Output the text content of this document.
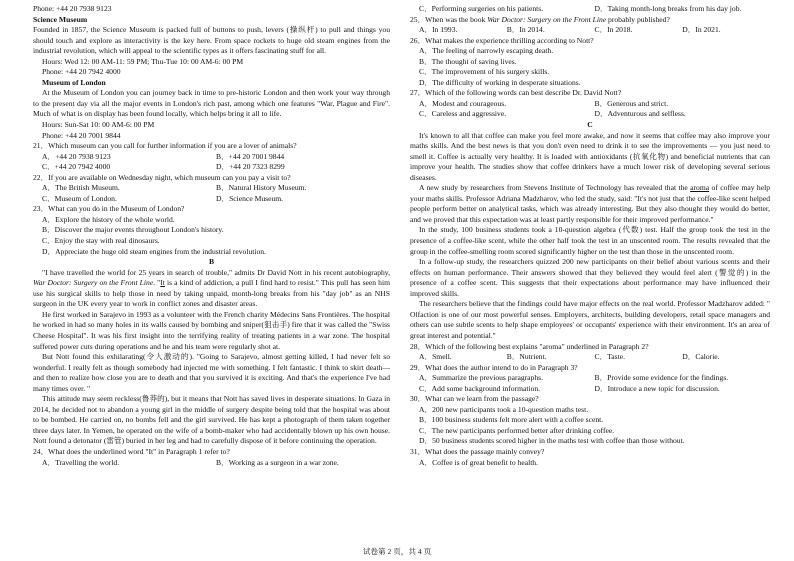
Phone: +44 20 7938 9123

Science Museum

Founded in 1857, the Science Museum is packed full of buttons to push, levers (操纵杆) to pull and things you should touch and explore as interactivity is the key here. From space rockets to huge old steam engines from the industrial revolution, which will appeal to the scientific types as it offers fascinating stuff for all.

Hours: Wed 12: 00 AM-11: 59 PM; Thu-Tue 10: 00 AM-6: 00 PM

Phone: +44 20 7942 4000

Museum of London

At the Museum of London you can journey back in time to pre-historic London and then work your way through to the present day via all the major events in London's rich past, among which one features "War, Plague and Fire". Much of what is on display has been found locally, which helps bring it all to life.

Hours: Sun-Sat 10: 00 AM-6: 00 PM

Phone: +44 20 7001 9844

21．Which museum can you call for further information if you are a lover of animals?

A．+44 20 7938 9123	B．+44 20 7001 9844
C．+44 20 7942 4000	D．+44 20 7323 8299

22．If you are available on Wednesday night, which museum can you pay a visit to?

A．The British Museum.	B．Natural History Museum.
C．Museum of London.	D．Science Museum.

23．What can you do in the Museum of London?

A．Explore the history of the whole world.

B．Discover the major events throughout London's history.

C．Enjoy the stay with real dinosaurs.

D．Appreciate the huge old steam engines from the industrial revolution.

B

"I have travelled the world for 25 years in search of trouble," admits Dr David Nott in his recent autobiography, War Doctor: Surgery on the Front Line. "It is a kind of addiction, a pull I find hard to resist." This pull has seen him use his surgical skills to help those in need by taking unpaid, month-long breaks from his "day job" as an NHS surgeon in the UK every year to work in conflict zones and disaster areas.

He first worked in Sarajevo in 1993 as a volunteer with the French charity Médecins Sans Frontières. The hospital he worked in had so many holes in its walls caused by bombing and sniper(狙击手) fire that it was called the "Swiss Cheese Hospital". It was his first insight into the terrifying reality of treating patients in a war zone. The hospital suffered power cuts during operations and he and his team were regularly shot at.

But Nott found this exhilarating(令人激动的). "Going to Sarajevo, almost getting killed, I had never felt so wonderful. I really felt as though somebody had injected me with something. I felt fantastic. I think to skirt death—and then to realize how close you are to death and that you survived it is exciting. And that's the experience I've had many times over. "

This attitude may seem reckless(鲁莽的), but it means that Nott has saved lives in desperate situations. In Gaza in 2014, he decided not to abandon a young girl in the middle of surgery despite being told that the hospital was about to be bombed. He carried on, no bombs fell and the girl survived. He has kept a photograph of them taken together three days later. In Yemen, he operated on the wife of a bomb-maker who had accidentally blown up his own house. Nott found a detonator (雷管) buried in her leg and had to carefully dispose of it before continuing the operation.

24．What does the underlined word "It" in Paragraph 1 refer to?

A．Travelling the world.	B．Working as a surgeon in a war zone.
C．Performing surgeries on his patients.	D．Taking month-long breaks from his day job.

25．When was the book War Doctor: Surgery on the Front Line probably published?

A．In 1993.	B．In 2014.	C．In 2018.	D．In 2021.

26．What makes the experience thrilling according to Nott?

A．The feeling of narrowly escaping death.

B．The thought of saving lives.

C．The improvement of his surgery skills.

D．The difficulty of working in desperate situations.

27．Which of the following words can best describe Dr. David Nott?

A．Modest and courageous.	B．Generous and strict.
C．Careless and aggressive.	D．Adventurous and selfless.

C

It's known to all that coffee can make you feel more awake, and now it seems that coffee may also improve your maths skills. And the best news is that you don't even need to drink it to see the improvements — you just need to smell it. Coffee is actually very healthy. It is loaded with antioxidants (抗氧化物) and beneficial nutrients that can improve your health. The studies show that coffee drinkers have a much lower risk of developing several serious diseases.

A new study by researchers from Stevens Institute of Technology has revealed that the aroma of coffee may help your maths skills. Professor Adriana Madzharov, who led the study, said: "It's not just that the coffee-like scent helped people perform better on analytical tasks, which was already interesting. But they also thought they would do better, and we proved that this expectation was at least partly responsible for their improved performance."

In the study, 100 business students took a 10-question algebra (代数) test. Half the group took the test in the presence of a coffee-like scent, while the other half took the test in an unscented room. The results revealed that the group in the coffee-smelling room scored significantly higher on the test than those in the unscented room.

In a follow-up study, the researchers quizzed 200 new participants on their belief about various scents and their effects on human performance. Their answers showed that they believed they would feel alert (警觉的) in the presence of a coffee scent. This suggests that their expectations about performance may have influenced their improved skills.

The researchers believe that the findings could have major effects on the real world. Professor Madzharov added: " Olfaction is one of our most powerful senses. Employers, architects, building developers, retail space managers and others can use subtle scents to help shape employees' or occupants' experience with their environment. It's an area of great interest and potential."

28．Which of the following best explains "aroma" underlined in Paragraph 2?

A．Smell.	B．Nutrient.	C．Taste.	D．Calorie.

29．What does the author intend to do in Paragraph 3?

A．Summarize the previous paragraphs.	B．Provide some evidence for the findings.
C．Add some background information.	D．Introduce a new topic for discussion.

30．What can we learn from the passage?

A．200 new participants took a 10-question maths test.

B．100 business students felt more alert with a coffee scent.

C．The new participants performed better after drinking coffee.

D．50 business students scored higher in the maths test with coffee than those without.

31．What does the passage mainly convey?

A．Coffee is of great benefit to health.

试卷第 2 页，共 4 页
